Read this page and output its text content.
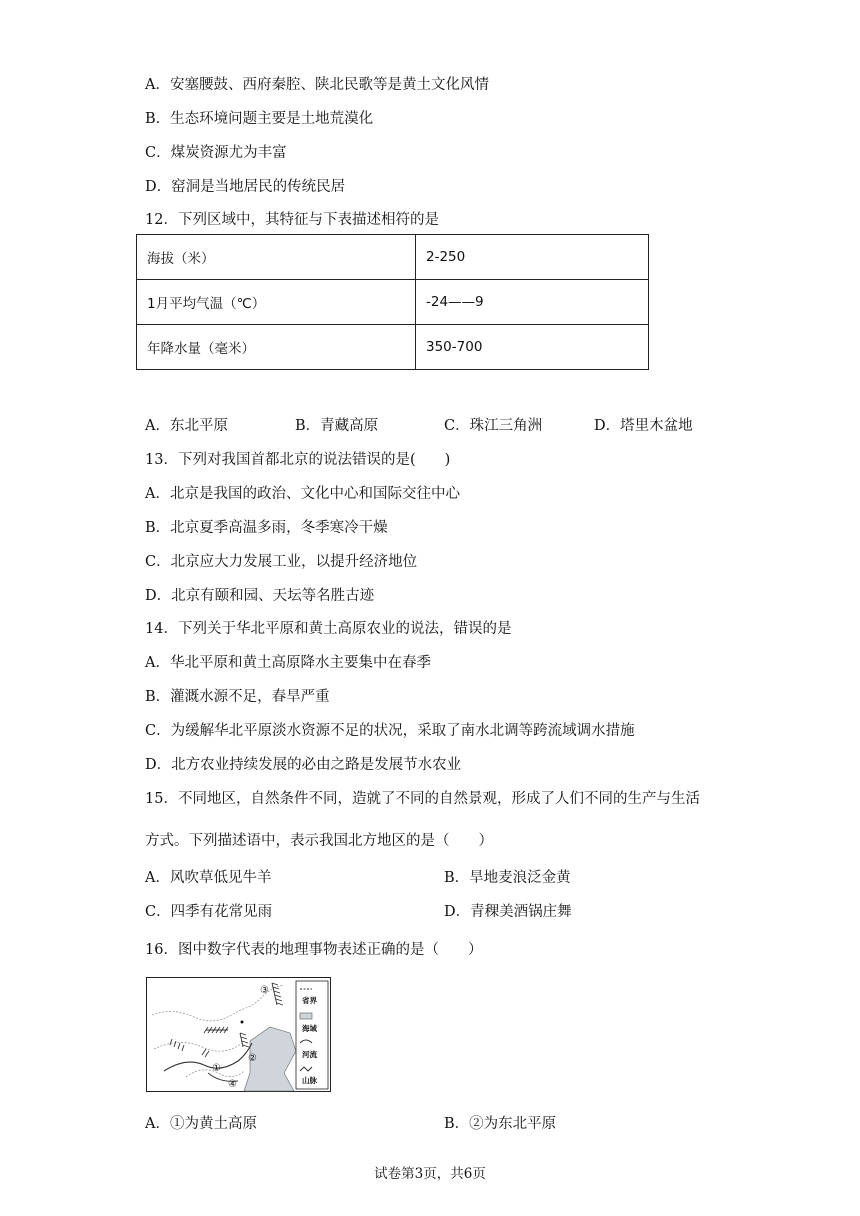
A．安塞腰鼓、西府秦腔、陕北民歌等是黄土文化风情
B．生态环境问题主要是土地荒漠化
C．煤炭资源尤为丰富
D．窑洞是当地居民的传统民居
12．下列区域中，其特征与下表描述相符的是
海拔（米）	2-250
1月平均气温（℃）	-24——9
年降水量（毫米）	350-700
A．东北平原	B．青藏高原	C．珠江三角洲	D．塔里木盆地
13．下列对我国首都北京的说法错误的是(　　)
A．北京是我国的政治、文化中心和国际交往中心
B．北京夏季高温多雨，冬季寒冷干燥
C．北京应大力发展工业，以提升经济地位
D．北京有颐和园、天坛等名胜古迹
14．下列关于华北平原和黄土高原农业的说法，错误的是
A．华北平原和黄土高原降水主要集中在春季
B．灌溉水源不足，春旱严重
C．为缓解华北平原淡水资源不足的状况，采取了南水北调等跨流域调水措施
D．北方农业持续发展的必由之路是发展节水农业
15．不同地区，自然条件不同，造就了不同的自然景观，形成了人们不同的生产与生活
方式。下列描述语中，表示我国北方地区的是（　　）
A．风吹草低见牛羊	B．旱地麦浪泛金黄
C．四季有花常见雨	D．青稞美酒锅庄舞
16．图中数字代表的地理事物表述正确的是（　　）
③
②
①
④
省界
海域
河流
山脉
A．①为黄土高原	B．②为东北平原
试卷第3页，共6页
